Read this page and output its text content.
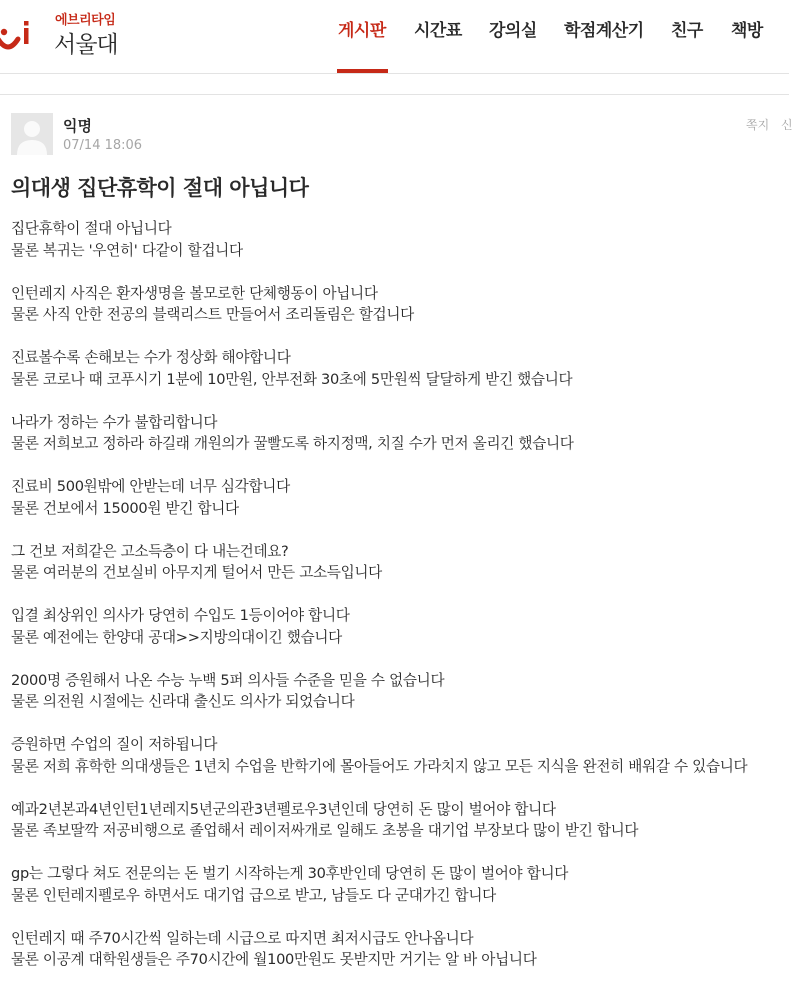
에브리타임
서울대
게시판 시간표 강의실 학점계산기 친구 책방
익명
07/14 18:06
쪽지 신
의대생 집단휴학이 절대 아닙니다
집단휴학이 절대 아닙니다
물론 복귀는 '우연히' 다같이 할겁니다
인턴레지 사직은 환자생명을 볼모로한 단체행동이 아닙니다
물론 사직 안한 전공의 블랙리스트 만들어서 조리돌림은 할겁니다
진료볼수록 손해보는 수가 정상화 해야합니다
물론 코로나 때 코푸시기 1분에 10만원, 안부전화 30초에 5만원씩 달달하게 받긴 했습니다
나라가 정하는 수가 불합리합니다
물론 저희보고 정하라 하길래 개원의가 꿀빨도록 하지정맥, 치질 수가 먼저 올리긴 했습니다
진료비 500원밖에 안받는데 너무 심각합니다
물론 건보에서 15000원 받긴 합니다
그 건보 저희같은 고소득층이 다 내는건데요?
물론 여러분의 건보실비 아무지게 털어서 만든 고소득입니다
입결 최상위인 의사가 당연히 수입도 1등이어야 합니다
물론 예전에는 한양대 공대>>지방의대이긴 했습니다
2000명 증원해서 나온 수능 누백 5퍼 의사들 수준을 믿을 수 없습니다
물론 의전원 시절에는 신라대 출신도 의사가 되었습니다
증원하면 수업의 질이 저하됩니다
물론 저희 휴학한 의대생들은 1년치 수업을 반학기에 몰아들어도 가라치지 않고 모든 지식을 완전히 배워갈 수 있습니다
예과2년본과4년인턴1년레지5년군의관3년펠로우3년인데 당연히 돈 많이 벌어야 합니다
물론 족보딸깍 저공비행으로 졸업해서 레이저싸개로 일해도 초봉을 대기업 부장보다 많이 받긴 합니다
gp는 그렇다 쳐도 전문의는 돈 벌기 시작하는게 30후반인데 당연히 돈 많이 벌어야 합니다
물론 인턴레지펠로우 하면서도 대기업 급으로 받고, 남들도 다 군대가긴 합니다
인턴레지 때 주70시간씩 일하는데 시급으로 따지면 최저시급도 안나옵니다
물론 이공계 대학원생들은 주70시간에 월100만원도 못받지만 거기는 알 바 아닙니다
